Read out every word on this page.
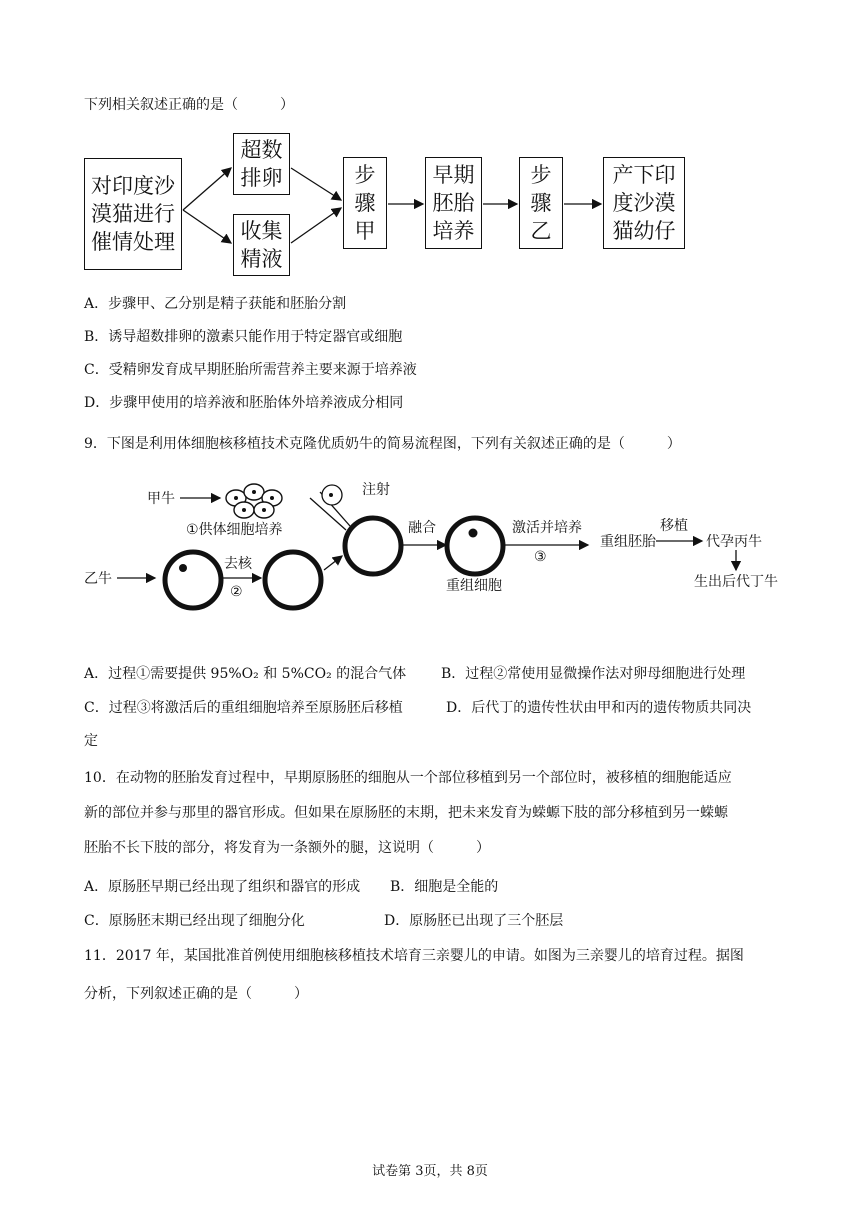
下列相关叙述正确的是（　　　）
对印度沙
漠猫进行
催情处理
超数
排卵
收集
精液
步
骤
甲
早期
胚胎
培养
步
骤
乙
产下印
度沙漠
猫幼仔
A．步骤甲、乙分别是精子获能和胚胎分割
B．诱导超数排卵的激素只能作用于特定器官或细胞
C．受精卵发育成早期胚胎所需营养主要来源于培养液
D．步骤甲使用的培养液和胚胎体外培养液成分相同
9．下图是利用体细胞核移植技术克隆优质奶牛的简易流程图，下列有关叙述正确的是（　　　）
甲牛
①供体细胞培养
注射
乙牛
去核
②
融合
重组细胞
激活并培养
③
重组胚胎
移植
代孕丙牛
生出后代丁牛
A．过程①需要提供 95%O₂ 和 5%CO₂ 的混合气体 B．过程②常使用显微操作法对卵母细胞进行处理
C．过程③将激活后的重组细胞培养至原肠胚后移植	D．后代丁的遗传性状由甲和丙的遗传物质共同决
定
10．在动物的胚胎发育过程中，早期原肠胚的细胞从一个部位移植到另一个部位时，被移植的细胞能适应
新的部位并参与那里的器官形成。但如果在原肠胚的末期，把未来发育为蝾螈下肢的部分移植到另一蝾螈
胚胎不长下肢的部分，将发育为一条额外的腿，这说明（　　　）
A．原肠胚早期已经出现了组织和器官的形成 B．细胞是全能的
C．原肠胚末期已经出现了细胞分化	D．原肠胚已出现了三个胚层
11．2017 年，某国批准首例使用细胞核移植技术培育三亲婴儿的申请。如图为三亲婴儿的培育过程。据图
分析，下列叙述正确的是（　　　）
试卷第 3页，共 8页
